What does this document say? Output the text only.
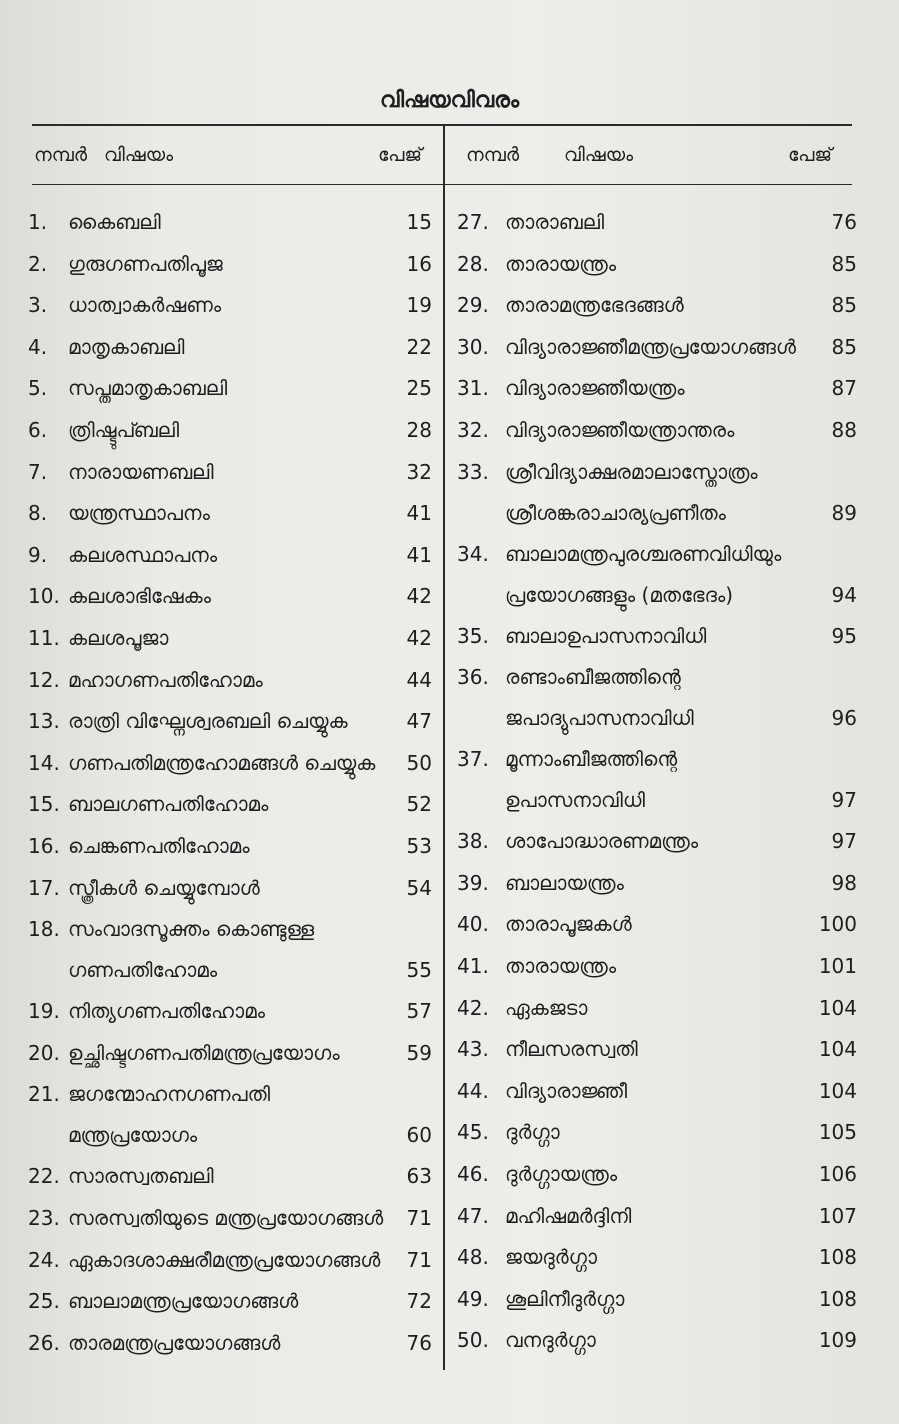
വിഷയവിവരം
നമ്പർ വിഷയം	പേജ് നമ്പർ വിഷയം	പേജ്
1. കൈബലി	15
2. ഗുരുഗണപതിപൂജ	16
3. ധാത്വാകർഷണം	19
4. മാതൃകാബലി	22
5. സപ്തമാതൃകാബലി	25
6. ത്രിഷ്ടുപ്ബലി	28
7. നാരായണബലി	32
8. യന്ത്രസ്ഥാപനം	41
9. കലശസ്ഥാപനം	41
10. കലശാഭിഷേകം	42
11. കലശപൂജാ	42
12. മഹാഗണപതിഹോമം	44
13. രാത്രി വിഘ്നേശ്വരബലി ചെയ്യുക	47
14. ഗണപതിമന്ത്രഹോമങ്ങൾ ചെയ്യുക	50
15. ബാലഗണപതിഹോമം	52
16. ചെങ്കണപതിഹോമം	53
17. സ്ത്രീകൾ ചെയ്യുമ്പോൾ	54
18. സംവാദസൂക്തം കൊണ്ടുള്ള
ഗണപതിഹോമം	55
19. നിത്യഗണപതിഹോമം	57
20. ഉച്ഛിഷ്ടഗണപതിമന്ത്രപ്രയോഗം	59
21. ജഗന്മോഹനഗണപതി
മന്ത്രപ്രയോഗം	60
22. സാരസ്വതബലി	63
23. സരസ്വതിയുടെ മന്ത്രപ്രയോഗങ്ങൾ	71
24. ഏകാദശാക്ഷരീമന്ത്രപ്രയോഗങ്ങൾ	71
25. ബാലാമന്ത്രപ്രയോഗങ്ങൾ	72
26. താരമന്ത്രപ്രയോഗങ്ങൾ	76
27. താരാബലി	76
28. താരായന്ത്രം	85
29. താരാമന്ത്രഭേദങ്ങൾ	85
30. വിദ്യാരാജ്ഞീമന്ത്രപ്രയോഗങ്ങൾ	85
31. വിദ്യാരാജ്ഞീയന്ത്രം	87
32. വിദ്യാരാജ്ഞീയന്ത്രാന്തരം	88
33. ശ്രീവിദ്യാക്ഷരമാലാസ്തോത്രം
ശ്രീശങ്കരാചാര്യപ്രണീതം	89
34. ബാലാമന്ത്രപുരശ്ചരണവിധിയും
പ്രയോഗങ്ങളും (മതഭേദം)	94
35. ബാലാഉപാസനാവിധി	95
36. രണ്ടാംബീജത്തിന്റെ
ജപാദ്യുപാസനാവിധി	96
37. മൂന്നാംബീജത്തിന്റെ
ഉപാസനാവിധി	97
38. ശാപോദ്ധാരണമന്ത്രം	97
39. ബാലായന്ത്രം	98
40. താരാപൂജകൾ	100
41. താരായന്ത്രം	101
42. ഏകജടാ	104
43. നീലസരസ്വതി	104
44. വിദ്യാരാജ്ഞീ	104
45. ദുർഗ്ഗാ	105
46. ദുർഗ്ഗായന്ത്രം	106
47. മഹിഷമർദ്ദിനി	107
48. ജയദുർഗ്ഗാ	108
49. ശൂലിനീദുർഗ്ഗാ	108
50. വനദുർഗ്ഗാ	109
